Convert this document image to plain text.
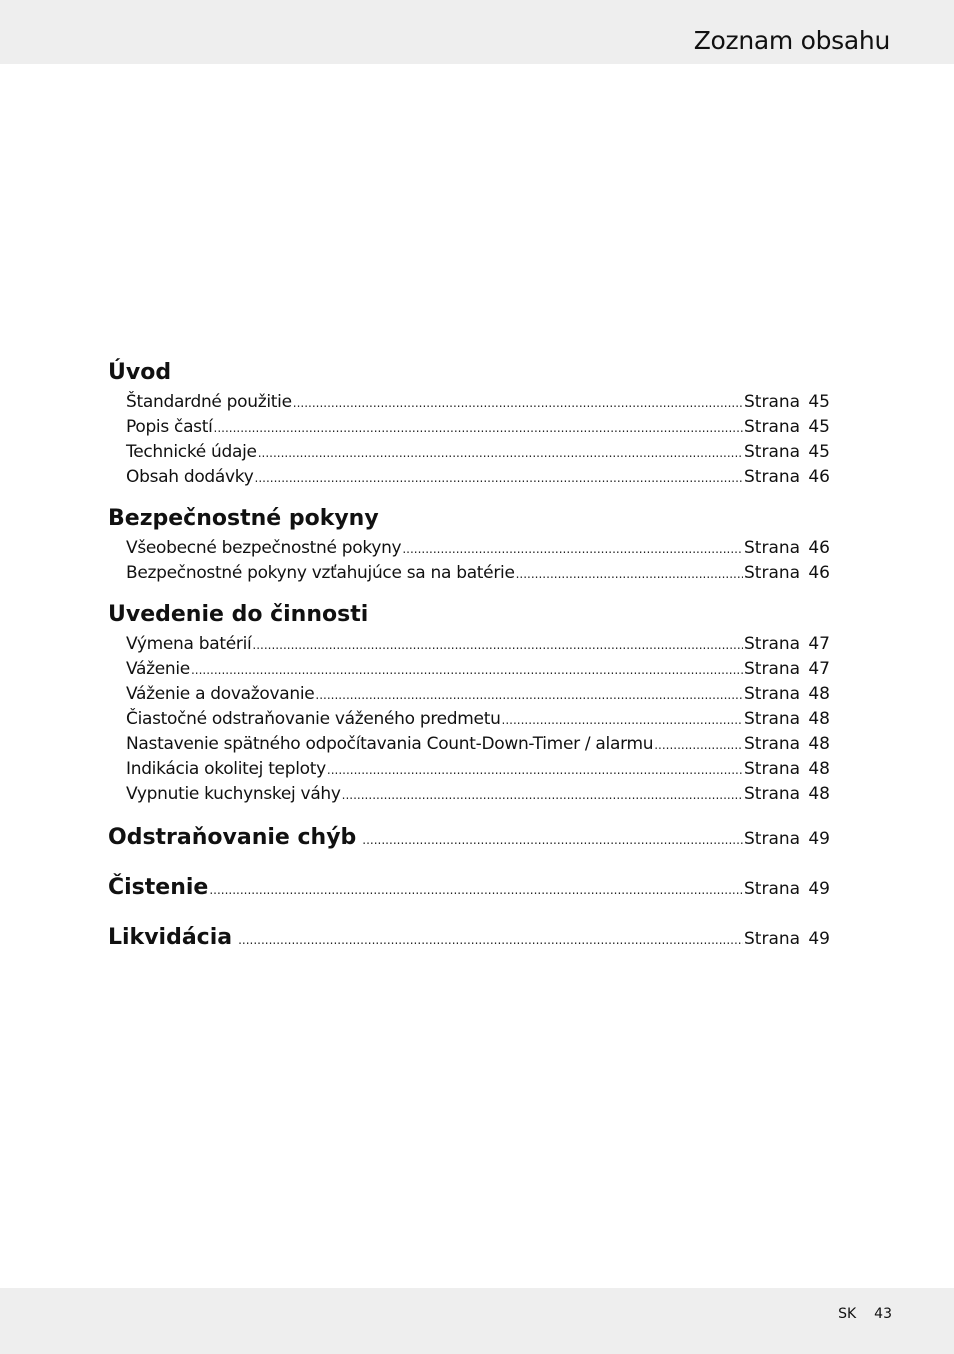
Zoznam obsahu
Úvod
Štandardné použitie .....	Strana 45
Popis častí .....	Strana 45
Technické údaje .....	Strana 45
Obsah dodávky .....	Strana 46
Bezpečnostné pokyny
Všeobecné bezpečnostné pokyny .....	Strana 46
Bezpečnostné pokyny vzťahujúce sa na batérie .....	Strana 46
Uvedenie do činnosti
Výmena batérií .....	Strana 47
Váženie .....	Strana 47
Váženie a dovažovanie .....	Strana 48
Čiastočné odstraňovanie váženého predmetu .....	Strana 48
Nastavenie spätného odpočítavania Count-Down-Timer / alarmu .....	Strana 48
Indikácia okolitej teploty .....	Strana 48
Vypnutie kuchynskej váhy .....	Strana 48
Odstraňovanie chýb .....	Strana 49
Čistenie .....	Strana 49
Likvidácia .....	Strana 49
SK 43
